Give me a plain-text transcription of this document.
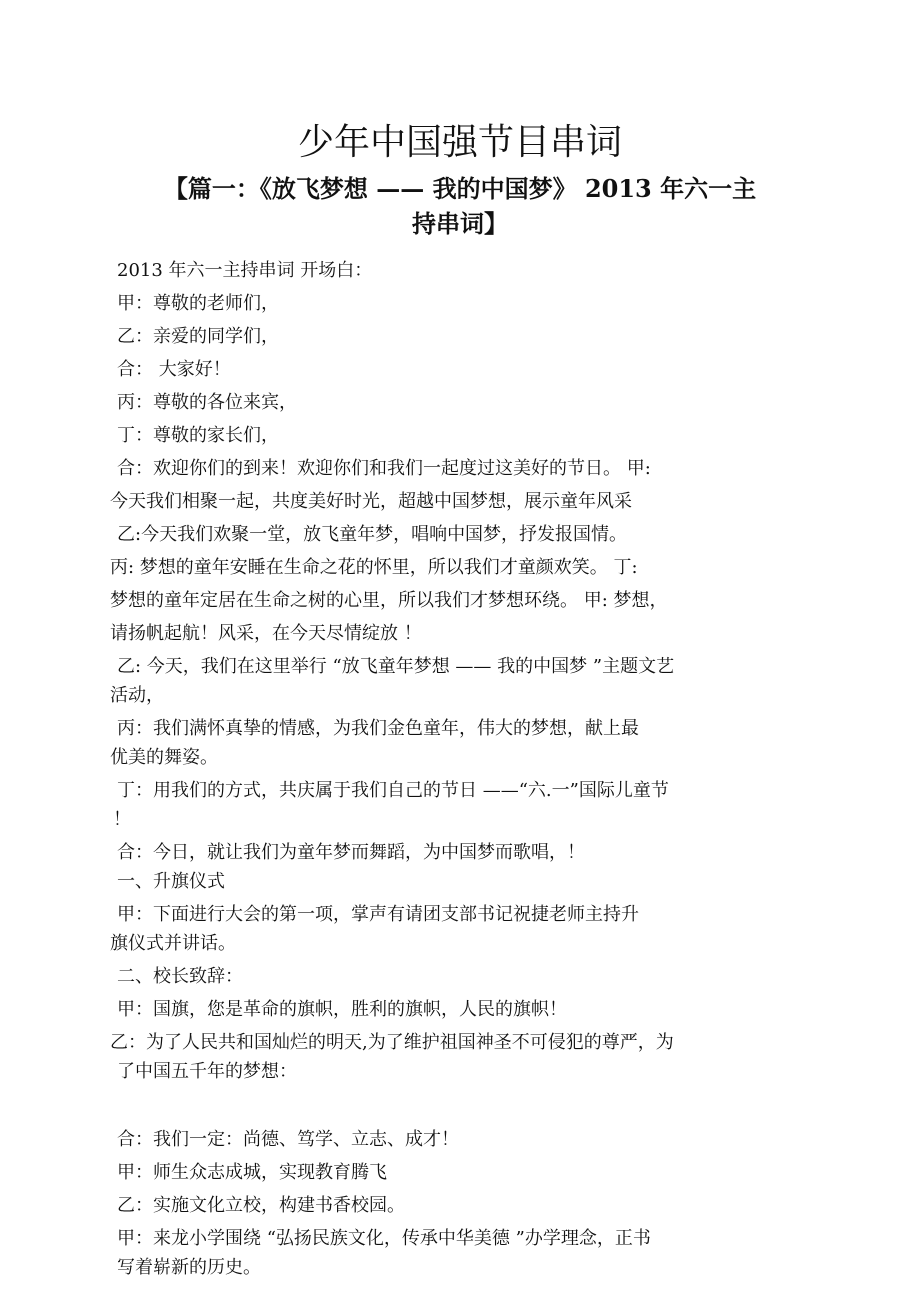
少年中国强节目串词
【篇一：《放飞梦想 —— 我的中国梦》 2013 年六一主
持串词】
2013 年六一主持串词 开场白：
甲：尊敬的老师们，
乙：亲爱的同学们，
合： 大家好！
丙：尊敬的各位来宾，
丁：尊敬的家长们，
合：欢迎你们的到来！欢迎你们和我们一起度过这美好的节日。 甲:
今天我们相聚一起，共度美好时光，超越中国梦想，展示童年风采
乙:今天我们欢聚一堂，放飞童年梦，唱响中国梦，抒发报国情。
丙: 梦想的童年安睡在生命之花的怀里，所以我们才童颜欢笑。 丁:
梦想的童年定居在生命之树的心里，所以我们才梦想环绕。 甲: 梦想，
请扬帆起航！风采，在今天尽情绽放 ！
乙: 今天，我们在这里举行 “放飞童年梦想 —— 我的中国梦 ”主题文艺
活动，
丙：我们满怀真挚的情感，为我们金色童年，伟大的梦想，献上最
优美的舞姿。
丁：用我们的方式，共庆属于我们自己的节日 ——“六.一”国际儿童节
！
合：今日，就让我们为童年梦而舞蹈，为中国梦而歌唱，！
一、升旗仪式
甲：下面进行大会的第一项，掌声有请团支部书记祝捷老师主持升
旗仪式并讲话。
二、校长致辞：
甲：国旗，您是革命的旗帜，胜利的旗帜，人民的旗帜！
乙：为了人民共和国灿烂的明天,为了维护祖国神圣不可侵犯的尊严，为
了中国五千年的梦想：
合：我们一定：尚德、笃学、立志、成才！
甲：师生众志成城，实现教育腾飞
乙：实施文化立校，构建书香校园。
甲：来龙小学围绕 “弘扬民族文化，传承中华美德 ”办学理念，正书
写着崭新的历史。
